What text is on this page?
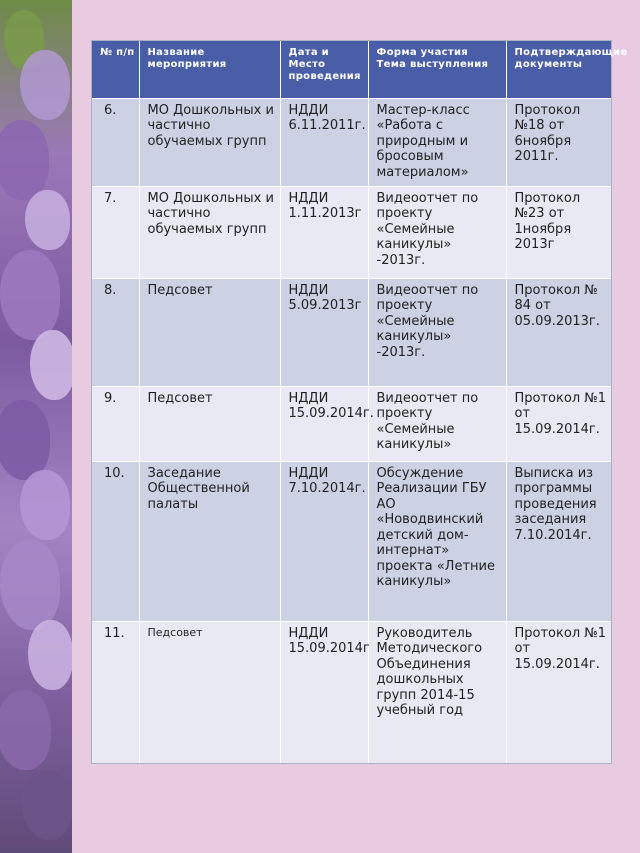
№ п/п	Название мероприятия	Дата и Место проведения	Форма участия Тема выступления	Подтверждающие документы
6.	МО Дошкольных и частично обучаемых групп	НДДИ 6.11.2011г.	Мастер-класс «Работа с природным и бросовым материалом»	Протокол №18 от 6ноября 2011г.
7.	МО Дошкольных и частично обучаемых групп	НДДИ 1.11.2013г	Видеоотчет по проекту «Семейные каникулы» -2013г.	Протокол №23 от 1ноября 2013г
8.	Педсовет	НДДИ 5.09.2013г	Видеоотчет по проекту «Семейные каникулы» -2013г.	Протокол № 84 от 05.09.2013г.
9.	Педсовет	НДДИ 15.09.2014г.	Видеоотчет по проекту «Семейные каникулы»	Протокол №1 от 15.09.2014г.
10.	Заседание Общественной палаты	НДДИ 7.10.2014г.	Обсуждение Реализации ГБУ АО «Новодвинский детский дом-интернат» проекта «Летние каникулы»	Выписка из программы проведения заседания 7.10.2014г.
11.	Педсовет	НДДИ 15.09.2014г	Руководитель Методического Объединения дошкольных групп 2014-15 учебный год	Протокол №1 от 15.09.2014г.
